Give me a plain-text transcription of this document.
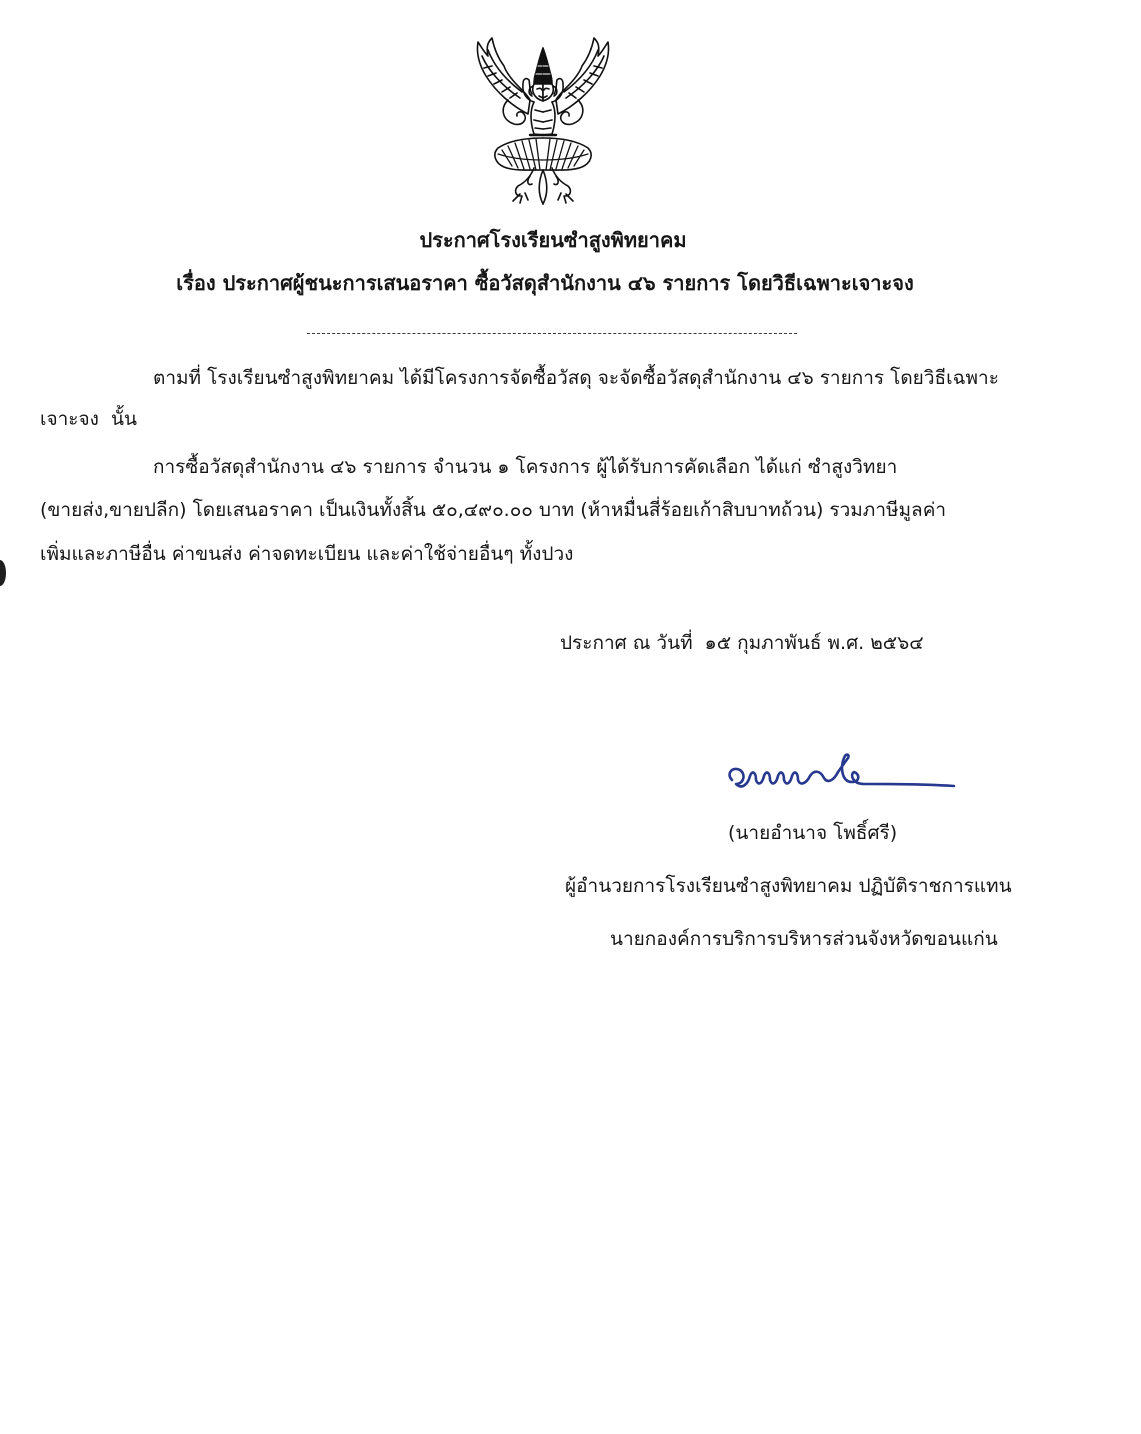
ประกาศโรงเรียนซำสูงพิทยาคม
เรื่อง ประกาศผู้ชนะการเสนอราคา ซื้อวัสดุสำนักงาน ๔๖ รายการ โดยวิธีเฉพาะเจาะจง
ตามที่ โรงเรียนซำสูงพิทยาคม ได้มีโครงการจัดซื้อวัสดุ จะจัดซื้อวัสดุสำนักงาน ๔๖ รายการ โดยวิธีเฉพาะ
เจาะจง  นั้น
การซื้อวัสดุสำนักงาน ๔๖ รายการ จำนวน ๑ โครงการ ผู้ได้รับการคัดเลือก ได้แก่ ซำสูงวิทยา
(ขายส่ง,ขายปลีก) โดยเสนอราคา เป็นเงินทั้งสิ้น ๕๐,๔๙๐.๐๐ บาท (ห้าหมื่นสี่ร้อยเก้าสิบบาทถ้วน) รวมภาษีมูลค่า
เพิ่มและภาษีอื่น ค่าขนส่ง ค่าจดทะเบียน และค่าใช้จ่ายอื่นๆ ทั้งปวง
ประกาศ ณ วันที่  ๑๕ กุมภาพันธ์ พ.ศ. ๒๕๖๔
(นายอำนาจ โพธิ์ศรี)
ผู้อำนวยการโรงเรียนซำสูงพิทยาคม ปฏิบัติราชการแทน
นายกองค์การบริการบริหารส่วนจังหวัดขอนแก่น
